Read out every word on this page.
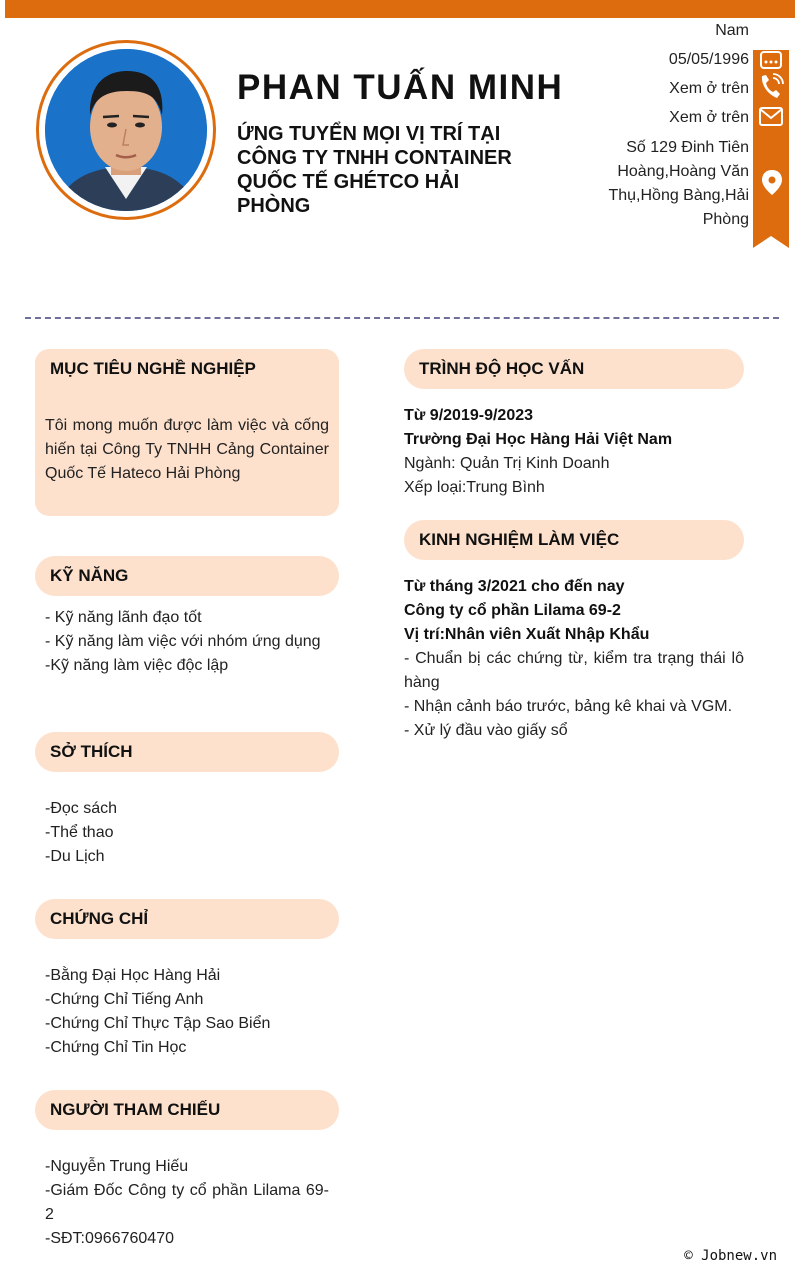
PHAN TUẤN MINH
ỨNG TUYỂN MỌI VỊ TRÍ TẠI CÔNG TY TNHH CONTAINER QUỐC TẾ GHÉTCO HẢI PHÒNG
Nam
05/05/1996
Xem ở trên
Xem ở trên
Số 129 Đinh Tiên Hoàng,Hoàng Văn Thụ,Hồng Bàng,Hải Phòng
MỤC TIÊU NGHỀ NGHIỆP
Tôi mong muốn được làm việc và cống hiến tại Công Ty TNHH Cảng Container Quốc Tế Hateco Hải Phòng
KỸ NĂNG
- Kỹ năng lãnh đạo tốt
- Kỹ năng làm việc với nhóm ứng dụng
-Kỹ năng làm việc độc lập
SỞ THÍCH
-Đọc sách
-Thể thao
-Du Lịch
CHỨNG CHỈ
-Bằng Đại Học Hàng Hải
-Chứng Chỉ Tiếng Anh
-Chứng Chỉ Thực Tập Sao Biển
-Chứng Chỉ Tin Học
NGƯỜI THAM CHIẾU
-Nguyễn Trung Hiếu
-Giám Đốc Công ty cổ phần Lilama 69-2
-SĐT:0966760470
TRÌNH ĐỘ HỌC VẤN
Từ 9/2019-9/2023
Trường Đại Học Hàng Hải Việt Nam
Ngành: Quản Trị Kinh Doanh
Xếp loại:Trung Bình
KINH NGHIỆM LÀM VIỆC
Từ tháng 3/2021 cho đến nay
Công ty cổ phần Lilama 69-2
Vị trí:Nhân viên Xuất Nhập Khẩu
- Chuẩn bị các chứng từ, kiểm tra trạng thái lô hàng
- Nhận cảnh báo trước, bảng kê khai và VGM.
- Xử lý đầu vào giấy sổ
© Jobnew.vn
